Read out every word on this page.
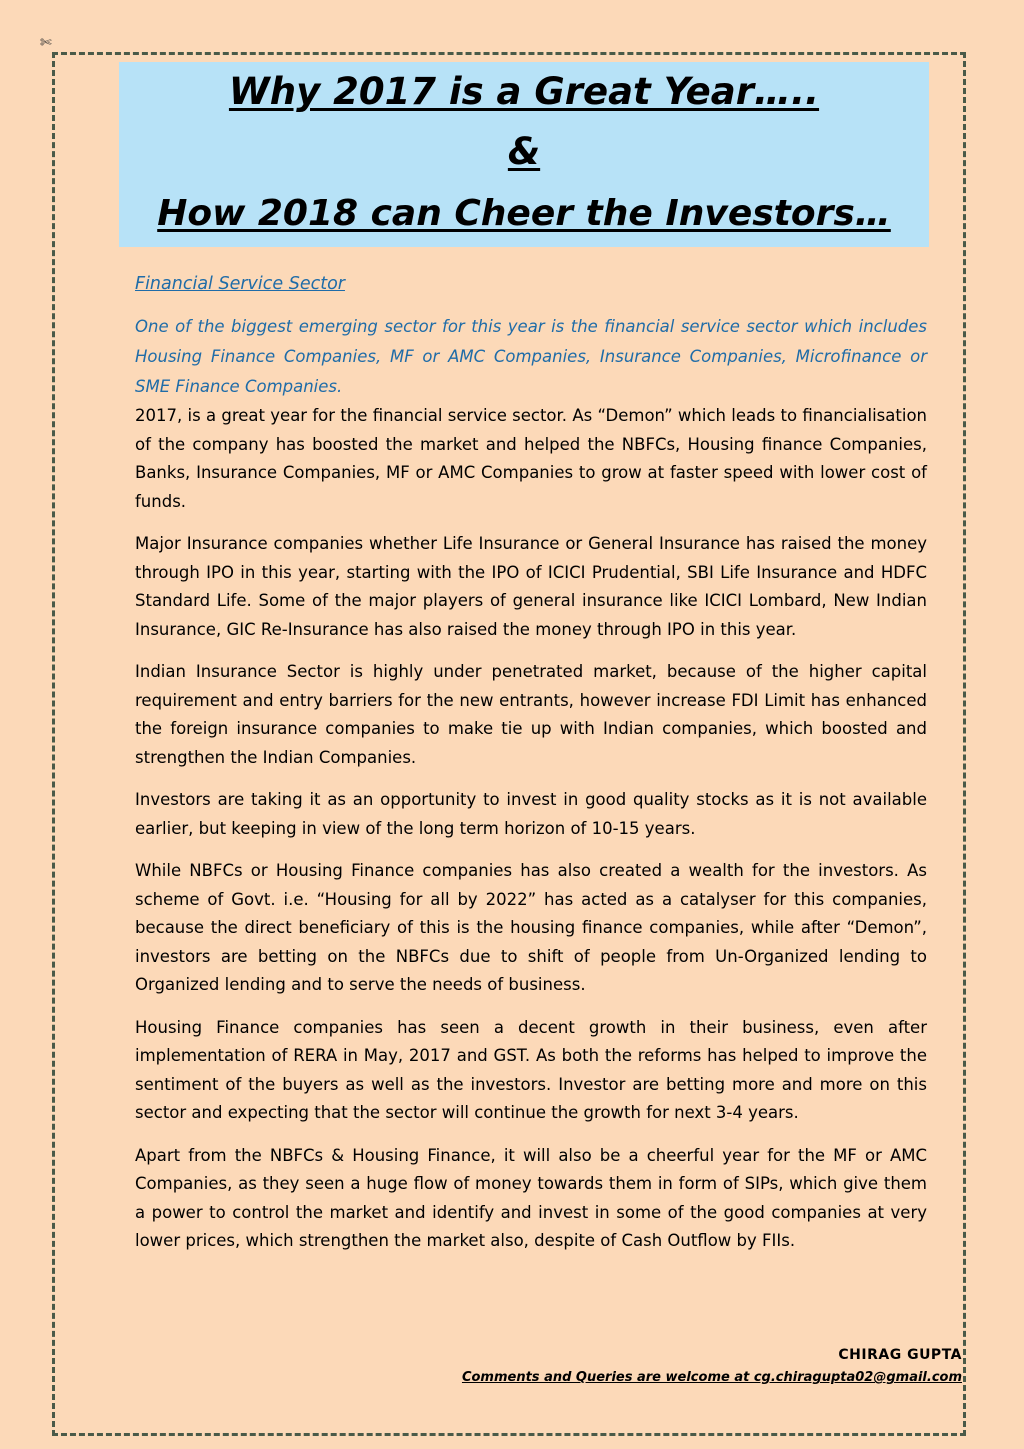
✄
Why 2017 is a Great Year…..
&
How 2018 can Cheer the Investors…
Financial Service Sector

One of the biggest emerging sector for this year is the financial service sector which includes Housing Finance Companies, MF or AMC Companies, Insurance Companies, Microfinance or SME Finance Companies.

2017, is a great year for the financial service sector. As “Demon” which leads to financialisation of the company has boosted the market and helped the NBFCs, Housing finance Companies, Banks, Insurance Companies, MF or AMC Companies to grow at faster speed with lower cost of funds.

Major Insurance companies whether Life Insurance or General Insurance has raised the money through IPO in this year, starting with the IPO of ICICI Prudential, SBI Life Insurance and HDFC Standard Life. Some of the major players of general insurance like ICICI Lombard, New Indian Insurance, GIC Re-Insurance has also raised the money through IPO in this year.

Indian Insurance Sector is highly under penetrated market, because of the higher capital requirement and entry barriers for the new entrants, however increase FDI Limit has enhanced the foreign insurance companies to make tie up with Indian companies, which boosted and strengthen the Indian Companies.

Investors are taking it as an opportunity to invest in good quality stocks as it is not available earlier, but keeping in view of the long term horizon of 10-15 years.

While NBFCs or Housing Finance companies has also created a wealth for the investors. As scheme of Govt. i.e. “Housing for all by 2022” has acted as a catalyser for this companies, because the direct beneficiary of this is the housing finance companies, while after “Demon”, investors are betting on the NBFCs due to shift of people from Un-Organized lending to Organized lending and to serve the needs of business.

Housing Finance companies has seen a decent growth in their business, even after implementation of RERA in May, 2017 and GST. As both the reforms has helped to improve the sentiment of the buyers as well as the investors. Investor are betting more and more on this sector and expecting that the sector will continue the growth for next 3-4 years.

Apart from the NBFCs & Housing Finance, it will also be a cheerful year for the MF or AMC Companies, as they seen a huge flow of money towards them in form of SIPs, which give them a power to control the market and identify and invest in some of the good companies at very lower prices, which strengthen the market also, despite of Cash Outflow by FIIs.

CHIRAG GUPTA
Comments and Queries are welcome at cg.chiragupta02@gmail.com
